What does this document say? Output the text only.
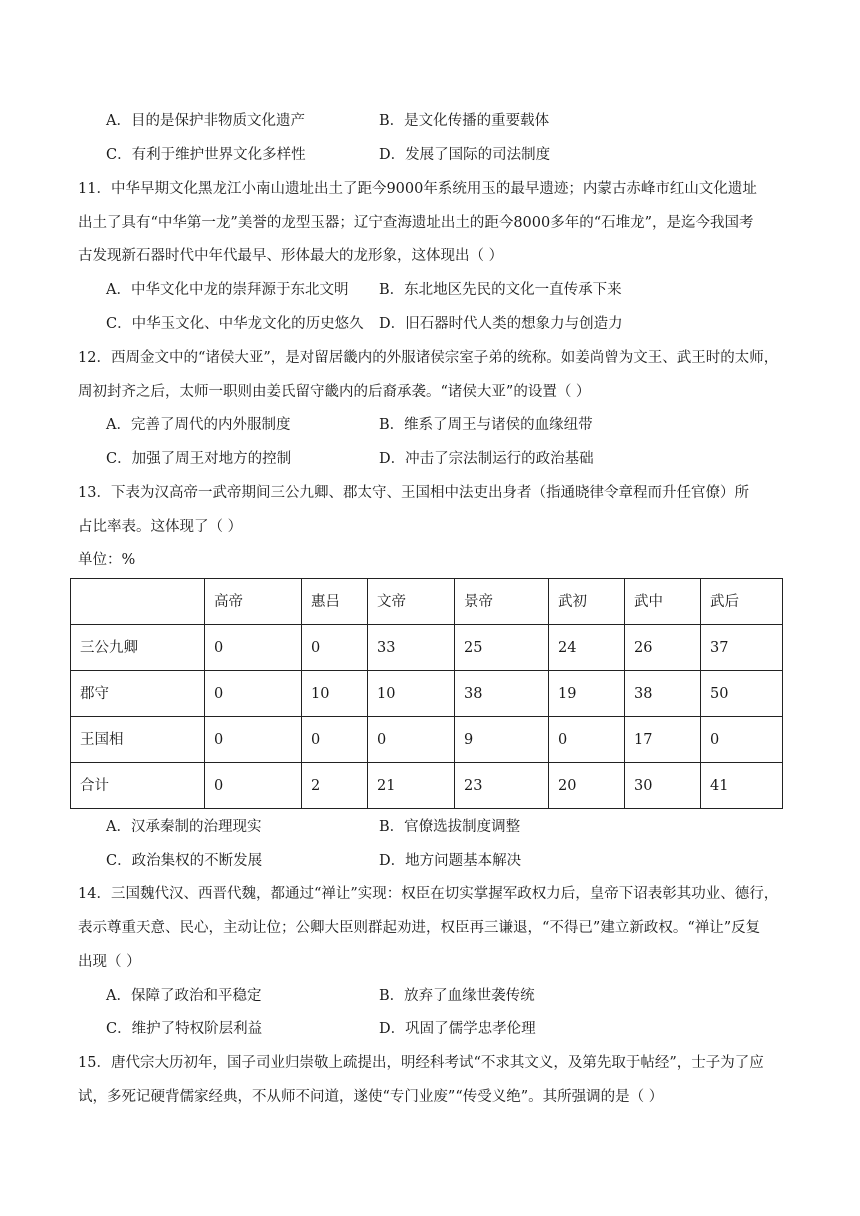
A．目的是保护非物质文化遗产	B．是文化传播的重要载体
C．有利于维护世界文化多样性	D．发展了国际的司法制度
11．中华早期文化黑龙江小南山遗址出土了距今9000年系统用玉的最早遗迹；内蒙古赤峰市红山文化遗址
出土了具有“中华第一龙”美誉的龙型玉器；辽宁查海遗址出土的距今8000多年的“石堆龙”，是迄今我国考
古发现新石器时代中年代最早、形体最大的龙形象，这体现出（ ）
A．中华文化中龙的崇拜源于东北文明 B．东北地区先民的文化一直传承下来
C．中华玉文化、中华龙文化的历史悠久 D．旧石器时代人类的想象力与创造力
12．西周金文中的“诸侯大亚”，是对留居畿内的外服诸侯宗室子弟的统称。如姜尚曾为文王、武王时的太师，
周初封齐之后，太师一职则由姜氏留守畿内的后裔承袭。“诸侯大亚”的设置（ ）
A．完善了周代的内外服制度	B．维系了周王与诸侯的血缘纽带
C．加强了周王对地方的控制	D．冲击了宗法制运行的政治基础
13．下表为汉高帝一武帝期间三公九卿、郡太守、王国相中法吏出身者（指通晓律令章程而升任官僚）所
占比率表。这体现了（ ）
单位：%
	高帝	惠吕	文帝	景帝	武初	武中	武后
三公九卿	0	0	33	25	24	26	37
郡守	0	10	10	38	19	38	50
王国相	0	0	0	9	0	17	0
合计	0	2	21	23	20	30	41
A．汉承秦制的治理现实	B．官僚选拔制度调整
C．政治集权的不断发展	D．地方问题基本解决
14．三国魏代汉、西晋代魏，都通过“禅让”实现：权臣在切实掌握军政权力后，皇帝下诏表彰其功业、德行，
表示尊重天意、民心，主动让位；公卿大臣则群起劝进，权臣再三谦退，“不得已”建立新政权。“禅让”反复
出现（ ）
A．保障了政治和平稳定	B．放弃了血缘世袭传统
C．维护了特权阶层利益	D．巩固了儒学忠孝伦理
15．唐代宗大历初年，国子司业归崇敬上疏提出，明经科考试“不求其文义，及第先取于帖经”，士子为了应
试，多死记硬背儒家经典，不从师不问道，遂使“专门业废”“传受义绝”。其所强调的是（ ）
